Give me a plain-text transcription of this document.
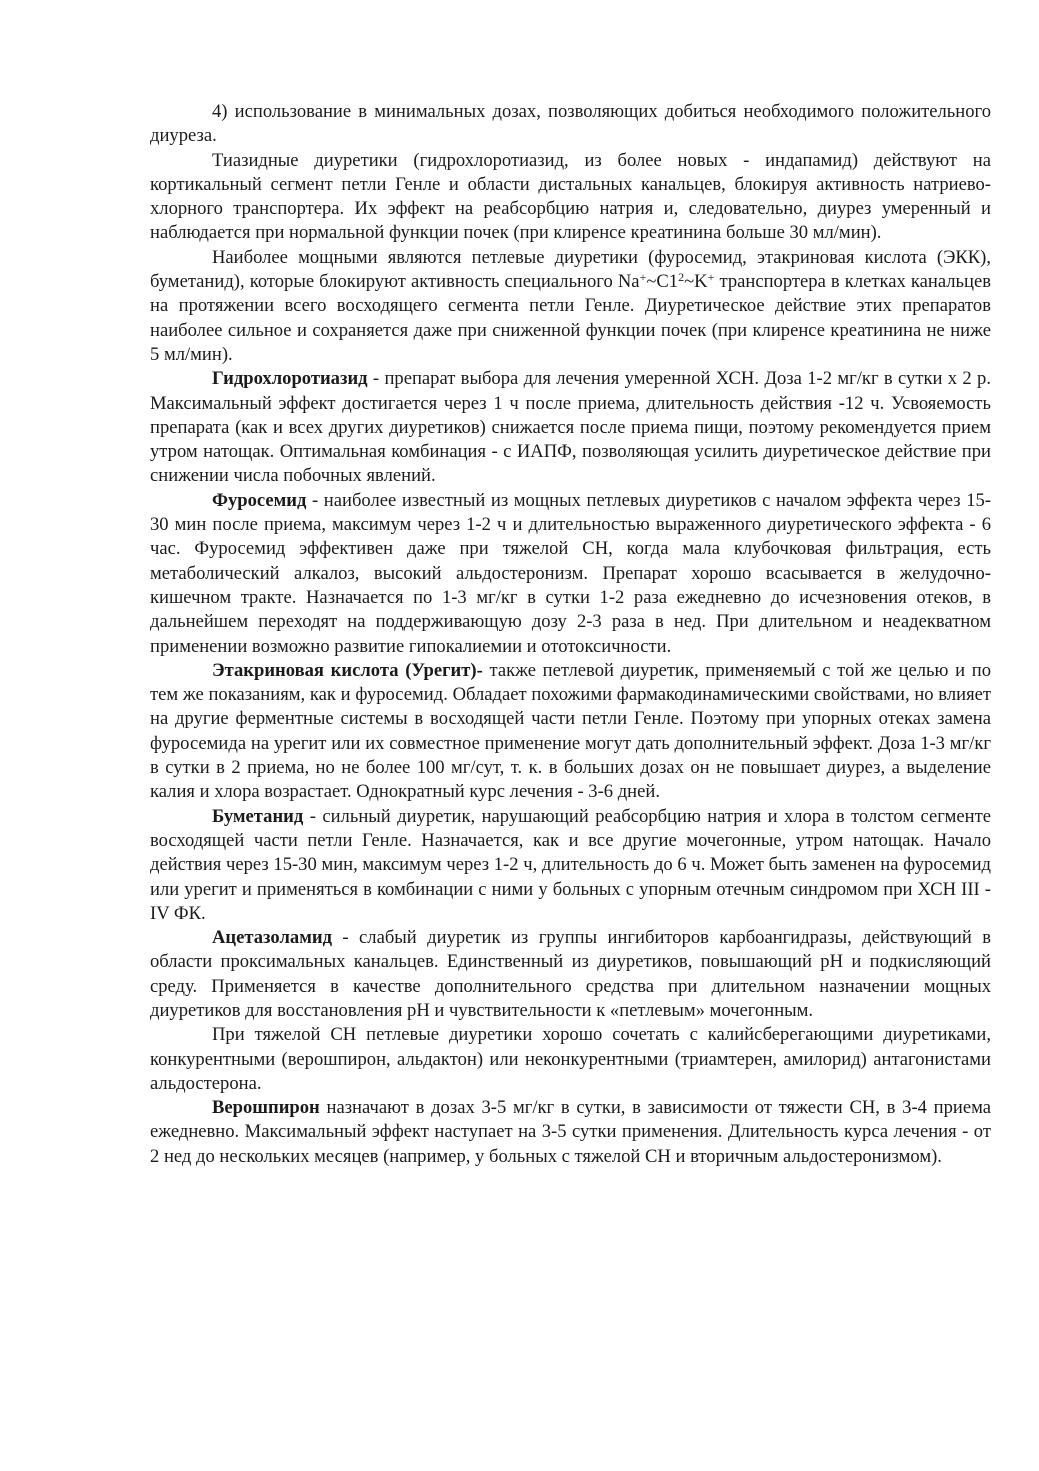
4) использование в минимальных дозах, позволяющих добиться необходимого положительного диуреза.

Тиазидные диуретики (гидрохлоротиазид, из более новых - индапамид) действуют на кортикальный сегмент петли Генле и области дистальных канальцев, блокируя активность натриево-хлорного транспортера. Их эффект на реабсорбцию натрия и, следовательно, диурез умеренный и наблюдается при нормальной функции почек (при клиренсе креатинина больше 30 мл/мин).

Наиболее мощными являются петлевые диуретики (фуросемид, этакриновая кислота (ЭКК), буметанид), которые блокируют активность специального $Na^+\sim C1^2\sim K^+$ транспортера в клетках канальцев на протяжении всего восходящего сегмента петли Генле. Диуретическое действие этих препаратов наиболее сильное и сохраняется даже при сниженной функции почек (при клиренсе креатинина не ниже 5 мл/мин).

Гидрохлоротиазид - препарат выбора для лечения умеренной ХСН. Доза 1-2 мг/кг в сутки х 2 р. Максимальный эффект достигается через 1 ч после приема, длительность действия -12 ч. Усвояемость препарата (как и всех других диуретиков) снижается после приема пищи, поэтому рекомендуется прием утром натощак. Оптимальная комбинация - с ИАПФ, позволяющая усилить диуретическое действие при снижении числа побочных явлений.

Фуросемид - наиболее известный из мощных петлевых диуретиков с началом эффекта через 15-30 мин после приема, максимум через 1-2 ч и длительностью выраженного диуретического эффекта - 6 час. Фуросемид эффективен даже при тяжелой СН, когда мала клубочковая фильтрация, есть метаболический алкалоз, высокий альдостеронизм. Препарат хорошо всасывается в желудочно-кишечном тракте. Назначается по 1-3 мг/кг в сутки 1-2 раза ежедневно до исчезновения отеков, в дальнейшем переходят на поддерживающую дозу 2-3 раза в нед. При длительном и неадекватном применении возможно развитие гипокалиемии и ототоксичности.

Этакриновая кислота (Урегит)- также петлевой диуретик, применяемый с той же целью и по тем же показаниям, как и фуросемид. Обладает похожими фармакодинамическими свойствами, но влияет на другие ферментные системы в восходящей части петли Генле. Поэтому при упорных отеках замена фуросемида на урегит или их совместное применение могут дать дополнительный эффект. Доза 1-3 мг/кг в сутки в 2 приема, но не более 100 мг/сут, т. к. в больших дозах он не повышает диурез, а выделение калия и хлора возрастает. Однократный курс лечения - 3-6 дней.

Буметанид - сильный диуретик, нарушающий реабсорбцию натрия и хлора в толстом сегменте восходящей части петли Генле. Назначается, как и все другие мочегонные, утром натощак. Начало действия через 15-30 мин, максимум через 1-2 ч, длительность до 6 ч. Может быть заменен на фуросемид или урегит и применяться в комбинации с ними у больных с упорным отечным синдромом при ХСН III - IV ФК.

Ацетазоламид - слабый диуретик из группы ингибиторов карбоангидразы, действующий в области проксимальных канальцев. Единственный из диуретиков, повышающий рН и подкисляющий среду. Применяется в качестве дополнительного средства при длительном назначении мощных диуретиков для восстановления рН и чувствительности к «петлевым» мочегонным.

При тяжелой СН петлевые диуретики хорошо сочетать с калийсберегающими диуретиками, конкурентными (верошпирон, альдактон) или неконкурентными (триамтерен, амилорид) антагонистами альдостерона.

Верошпирон назначают в дозах 3-5 мг/кг в сутки, в зависимости от тяжести СН, в 3-4 приема ежедневно. Максимальный эффект наступает на 3-5 сутки применения. Длительность курса лечения - от 2 нед до нескольких месяцев (например, у больных с тяжелой СН и вторичным альдостеронизмом).
